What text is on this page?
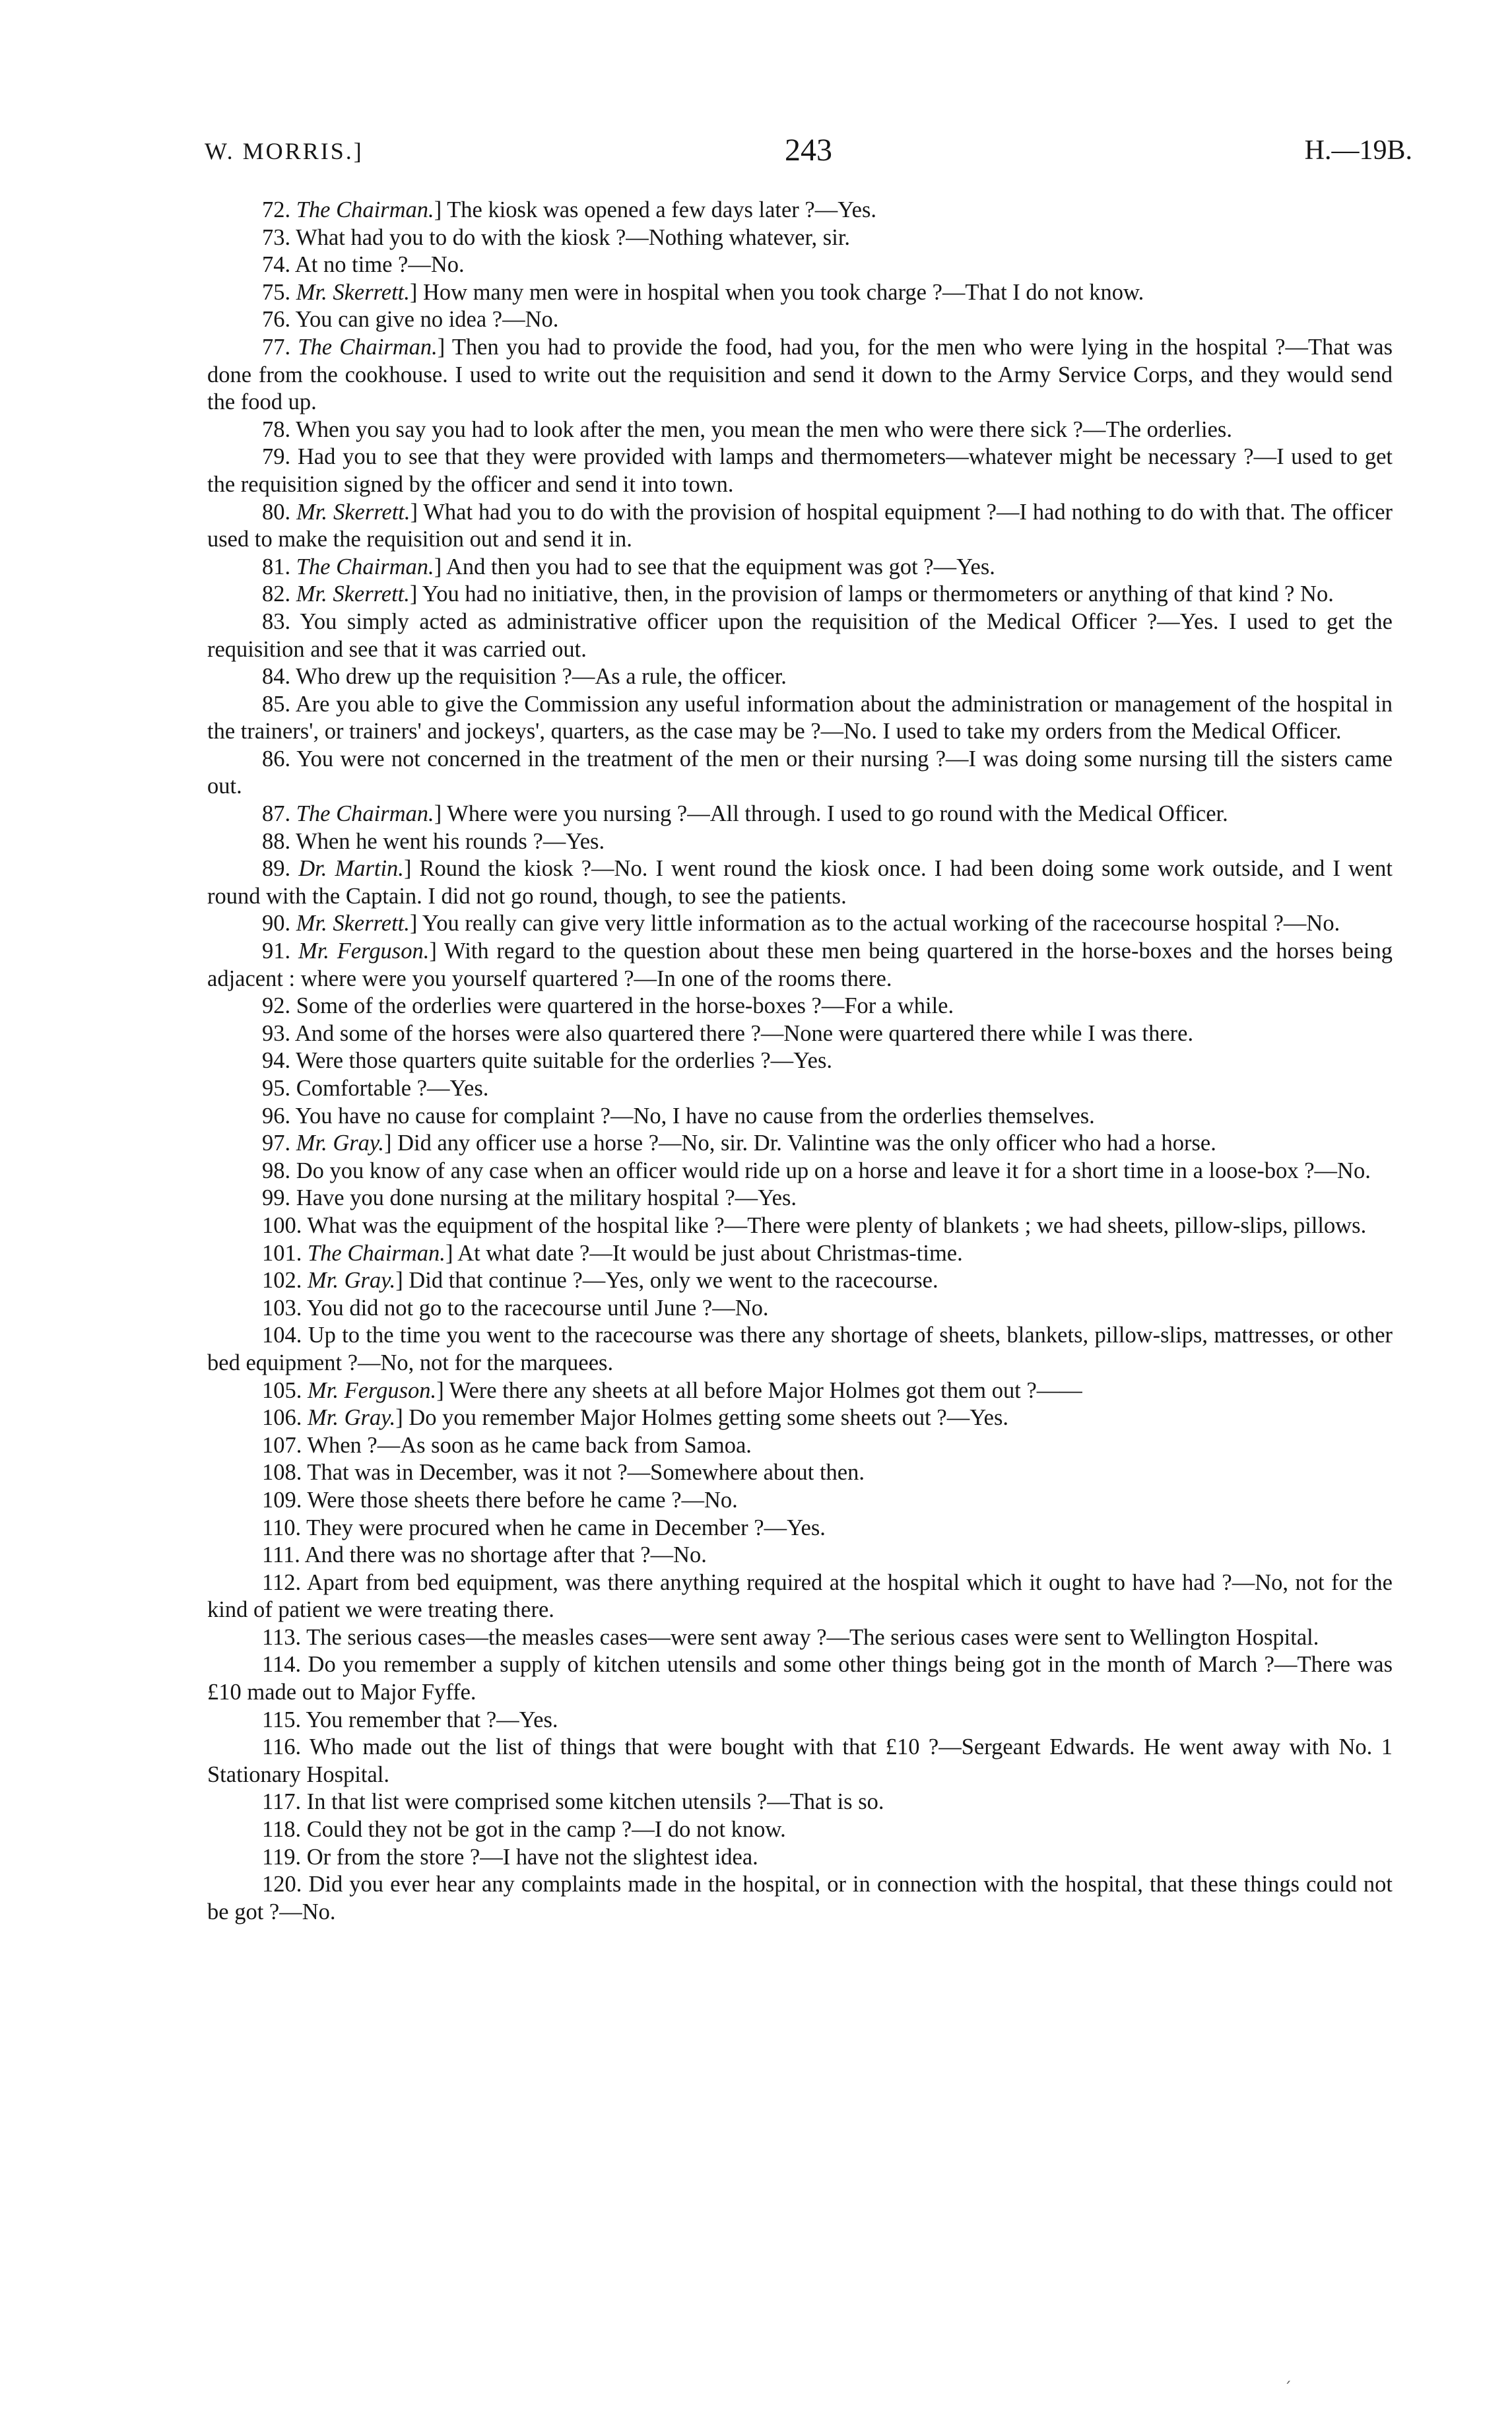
W. MORRIS.]	243	H.—19B.

72. The Chairman.] The kiosk was opened a few days later ?—Yes.

73. What had you to do with the kiosk ?—Nothing whatever, sir.

74. At no time ?—No.

75. Mr. Skerrett.] How many men were in hospital when you took charge ?—That I do not know.

76. You can give no idea ?—No.

77. The Chairman.] Then you had to provide the food, had you, for the men who were lying in the hospital ?—That was done from the cookhouse. I used to write out the requisition and send it down to the Army Service Corps, and they would send the food up.

78. When you say you had to look after the men, you mean the men who were there sick ?—The orderlies.

79. Had you to see that they were provided with lamps and thermometers—whatever might be necessary ?—I used to get the requisition signed by the officer and send it into town.

80. Mr. Skerrett.] What had you to do with the provision of hospital equipment ?—I had nothing to do with that. The officer used to make the requisition out and send it in.

81. The Chairman.] And then you had to see that the equipment was got ?—Yes.

82. Mr. Skerrett.] You had no initiative, then, in the provision of lamps or thermometers or anything of that kind ? No.

83. You simply acted as administrative officer upon the requisition of the Medical Officer ?—Yes. I used to get the requisition and see that it was carried out.

84. Who drew up the requisition ?—As a rule, the officer.

85. Are you able to give the Commission any useful information about the administration or management of the hospital in the trainers', or trainers' and jockeys', quarters, as the case may be ?—No. I used to take my orders from the Medical Officer.

86. You were not concerned in the treatment of the men or their nursing ?—I was doing some nursing till the sisters came out.

87. The Chairman.] Where were you nursing ?—All through. I used to go round with the Medical Officer.

88. When he went his rounds ?—Yes.

89. Dr. Martin.] Round the kiosk ?—No. I went round the kiosk once. I had been doing some work outside, and I went round with the Captain. I did not go round, though, to see the patients.

90. Mr. Skerrett.] You really can give very little information as to the actual working of the racecourse hospital ?—No.

91. Mr. Ferguson.] With regard to the question about these men being quartered in the horse-boxes and the horses being adjacent : where were you yourself quartered ?—In one of the rooms there.

92. Some of the orderlies were quartered in the horse-boxes ?—For a while.

93. And some of the horses were also quartered there ?—None were quartered there while I was there.

94. Were those quarters quite suitable for the orderlies ?—Yes.

95. Comfortable ?—Yes.

96. You have no cause for complaint ?—No, I have no cause from the orderlies themselves.

97. Mr. Gray.] Did any officer use a horse ?—No, sir. Dr. Valintine was the only officer who had a horse.

98. Do you know of any case when an officer would ride up on a horse and leave it for a short time in a loose-box ?—No.

99. Have you done nursing at the military hospital ?—Yes.

100. What was the equipment of the hospital like ?—There were plenty of blankets ; we had sheets, pillow-slips, pillows.

101. The Chairman.] At what date ?—It would be just about Christmas-time.

102. Mr. Gray.] Did that continue ?—Yes, only we went to the racecourse.

103. You did not go to the racecourse until June ?—No.

104. Up to the time you went to the racecourse was there any shortage of sheets, blankets, pillow-slips, mattresses, or other bed equipment ?—No, not for the marquees.

105. Mr. Ferguson.] Were there any sheets at all before Major Holmes got them out ?——

106. Mr. Gray.] Do you remember Major Holmes getting some sheets out ?—Yes.

107. When ?—As soon as he came back from Samoa.

108. That was in December, was it not ?—Somewhere about then.

109. Were those sheets there before he came ?—No.

110. They were procured when he came in December ?—Yes.

111. And there was no shortage after that ?—No.

112. Apart from bed equipment, was there anything required at the hospital which it ought to have had ?—No, not for the kind of patient we were treating there.

113. The serious cases—the measles cases—were sent away ?—The serious cases were sent to Wellington Hospital.

114. Do you remember a supply of kitchen utensils and some other things being got in the month of March ?—There was £10 made out to Major Fyffe.

115. You remember that ?—Yes.

116. Who made out the list of things that were bought with that £10 ?—Sergeant Edwards. He went away with No. 1 Stationary Hospital.

117. In that list were comprised some kitchen utensils ?—That is so.

118. Could they not be got in the camp ?—I do not know.

119. Or from the store ?—I have not the slightest idea.

120. Did you ever hear any complaints made in the hospital, or in connection with the hospital, that these things could not be got ?—No.

´
